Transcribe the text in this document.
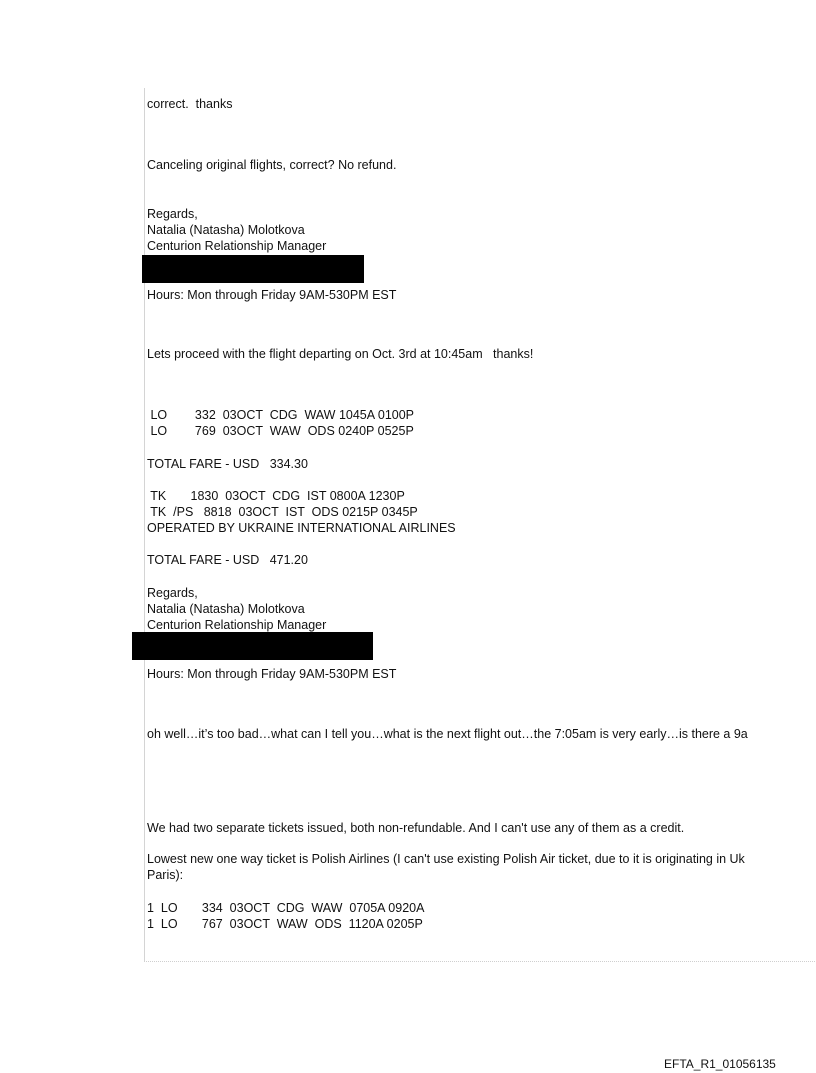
correct.  thanks
Canceling original flights, correct? No refund.
Regards,
Natalia (Natasha) Molotkova
Centurion Relationship Manager
Hours: Mon through Friday 9AM-530PM EST
Lets proceed with the flight departing on Oct. 3rd at 10:45am   thanks!
LO        332  03OCT  CDG  WAW 1045A 0100P
LO        769  03OCT  WAW  ODS 0240P 0525P
TOTAL FARE - USD   334.30
TK       1830  03OCT  CDG  IST 0800A 1230P
TK  /PS   8818  03OCT  IST  ODS 0215P 0345P
OPERATED BY UKRAINE INTERNATIONAL AIRLINES
TOTAL FARE - USD   471.20
Regards,
Natalia (Natasha) Molotkova
Centurion Relationship Manager
Hours: Mon through Friday 9AM-530PM EST
oh well…it’s too bad…what can I tell you…what is the next flight out…the 7:05am is very early…is there a 9a
We had two separate tickets issued, both non-refundable. And I can't use any of them as a credit.
Lowest new one way ticket is Polish Airlines (I can't use existing Polish Air ticket, due to it is originating in Uk
Paris):
1  LO       334  03OCT  CDG  WAW  0705A 0920A
1  LO       767  03OCT  WAW  ODS  1120A 0205P
EFTA_R1_01056135
